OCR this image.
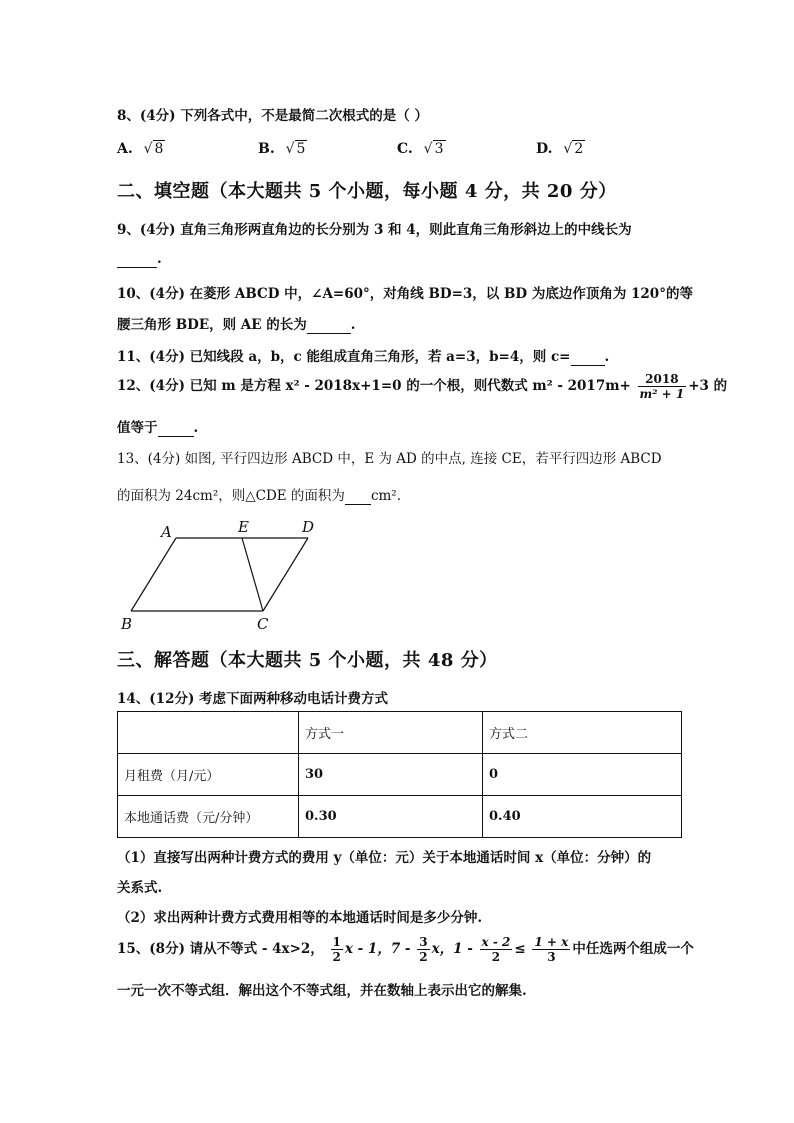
8、(4分) 下列各式中，不是最简二次根式的是（ ）
A. √ 8	B. √ 5	C. √ 3	D. √ 2
二、填空题（本大题共 5 个小题，每小题 4 分，共 20 分）
9、(4分) 直角三角形两直角边的长分别为 3 和 4，则此直角三角形斜边上的中线长为
.
10、(4分) 在菱形 ABCD 中，∠A=60°，对角线 BD=3，以 BD 为底边作顶角为 120°的等
腰三角形 BDE，则 AE 的长为	.
11、(4分) 已知线段 a，b，c 能组成直角三角形，若 a=3，b=4，则 c=	.
12、(4分) 已知 m 是方程 x² - 2018x+1=0 的一个根，则代数式 $m^2 - 2017m+ \frac{2018}{\text{m² + 1}} +3$ 的
值等于	.
13、(4分) 如图, 平行四边形 ABCD 中，E 为 AD 的中点, 连接 CE，若平行四边形 ABCD
的面积为 24cm²，则△CDE 的面积为 cm².
A	E	D
B	C
三、解答题（本大题共 5 个小题，共 48 分）
14、(12分) 考虑下面两种移动电话计费方式
	方式一	方式二
月租费（月/元）	30	0
本地通话费（元/分钟）	0.30	0.40
（1）直接写出两种计费方式的费用 y（单位：元）关于本地通话时间 x（单位：分钟）的
关系式.
（2）求出两种计费方式费用相等的本地通话时间是多少分钟.
15、(8分) 请从不等式 - 4x>2， $\frac{1}{2}$ x - 1，$7 - \frac{3}{2}$ x，$1 - \frac{x - 2}{2} \le \frac{1 + x}{3}$ 中任选两个组成一个
一元一次不等式组．解出这个不等式组，并在数轴上表示出它的解集.
